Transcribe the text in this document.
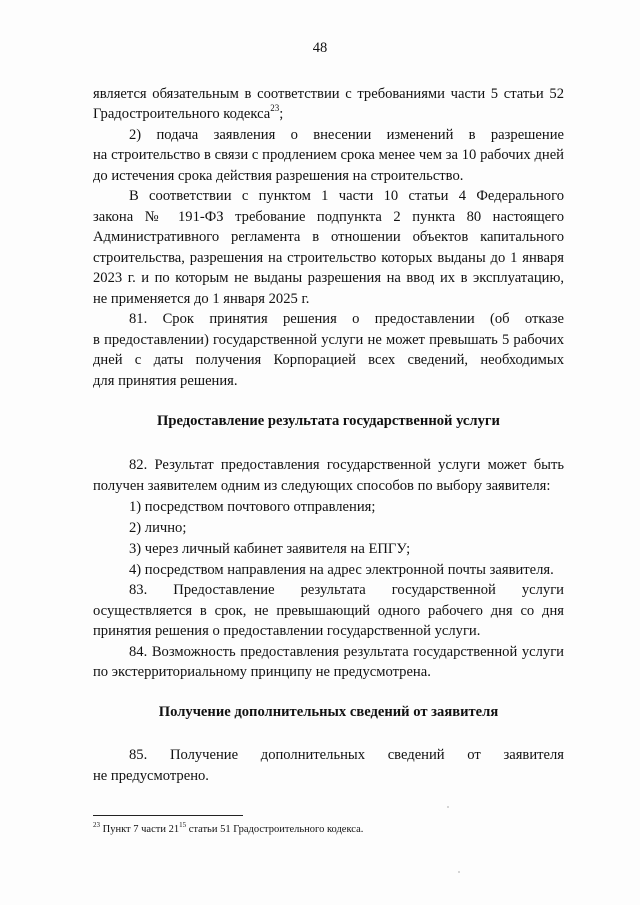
48
является обязательным в соответствии с требованиями части 5 статьи 52
Градостроительного кодекса$^{23}$;
2) подача заявления о внесении изменений в разрешение
на строительство в связи с продлением срока менее чем за 10 рабочих дней
до истечения срока действия разрешения на строительство.
В соответствии с пунктом 1 части 10 статьи 4 Федерального
закона № 191-ФЗ требование подпункта 2 пункта 80 настоящего
Административного регламента в отношении объектов капитального
строительства, разрешения на строительство которых выданы до 1 января
2023 г. и по которым не выданы разрешения на ввод их в эксплуатацию,
не применяется до 1 января 2025 г.
81. Срок принятия решения о предоставлении (об отказе
в предоставлении) государственной услуги не может превышать 5 рабочих
дней с даты получения Корпорацией всех сведений, необходимых
для принятия решения.
Предоставление результата государственной услуги
82. Результат предоставления государственной услуги может быть
получен заявителем одним из следующих способов по выбору заявителя:
1) посредством почтового отправления;
2) лично;
3) через личный кабинет заявителя на ЕПГУ;
4) посредством направления на адрес электронной почты заявителя.
83. Предоставление результата государственной услуги
осуществляется в срок, не превышающий одного рабочего дня со дня
принятия решения о предоставлении государственной услуги.
84. Возможность предоставления результата государственной услуги
по экстерриториальному принципу не предусмотрена.
Получение дополнительных сведений от заявителя
85. Получение дополнительных сведений от заявителя
не предусмотрено.
$^{23}$ Пункт 7 части $21^{15}$ статьи 51 Градостроительного кодекса.
